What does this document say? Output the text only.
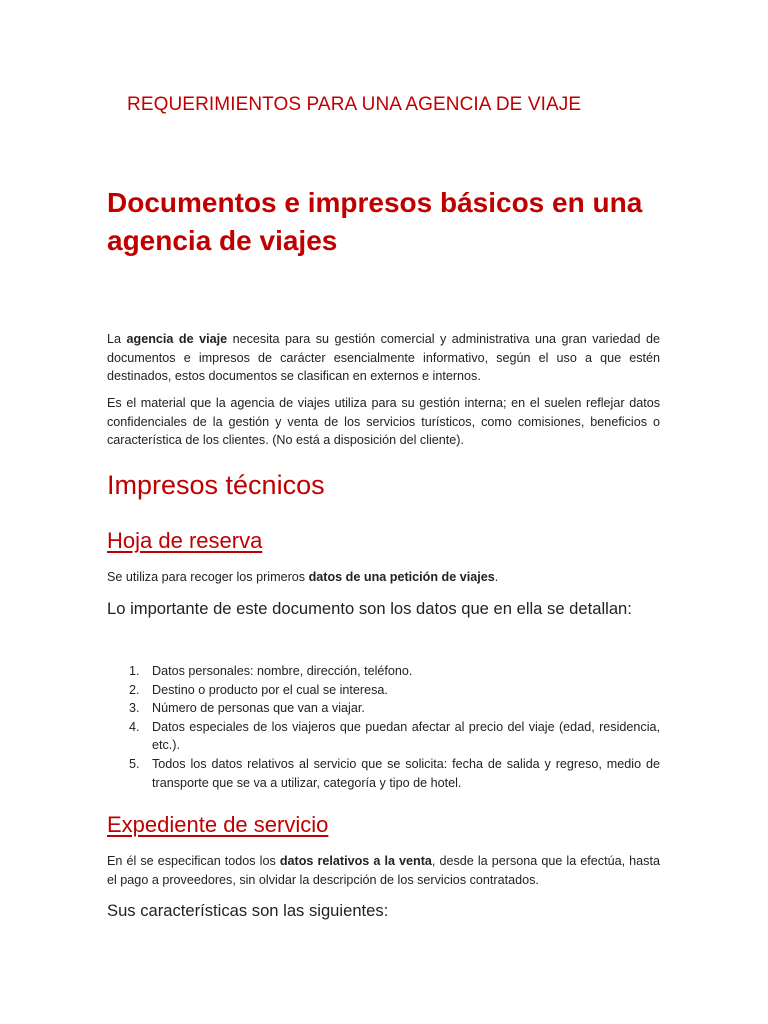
REQUERIMIENTOS PARA UNA AGENCIA DE VIAJE
Documentos e impresos básicos en una agencia de viajes

La agencia de viaje necesita para su gestión comercial y administrativa una gran variedad de documentos e impresos de carácter esencialmente informativo, según el uso a que estén destinados, estos documentos se clasifican en externos e internos.

Es el material que la agencia de viajes utiliza para su gestión interna; en el suelen reflejar datos confidenciales de la gestión y venta de los servicios turísticos, como comisiones, beneficios o característica de los clientes. (No está a disposición del cliente).

Impresos técnicos
Hoja de reserva

Se utiliza para recoger los primeros datos de una petición de viajes.

Lo importante de este documento son los datos que en ella se detallan:

1. Datos personales: nombre, dirección, teléfono.
2. Destino o producto por el cual se interesa.
3. Número de personas que van a viajar.
4. Datos especiales de los viajeros que puedan afectar al precio del viaje (edad, residencia, etc.).
5. Todos los datos relativos al servicio que se solicita: fecha de salida y regreso, medio de transporte que se va a utilizar, categoría y tipo de hotel.
Expediente de servicio

En él se especifican todos los datos relativos a la venta, desde la persona que la efectúa, hasta el pago a proveedores, sin olvidar la descripción de los servicios contratados.

Sus características son las siguientes:
